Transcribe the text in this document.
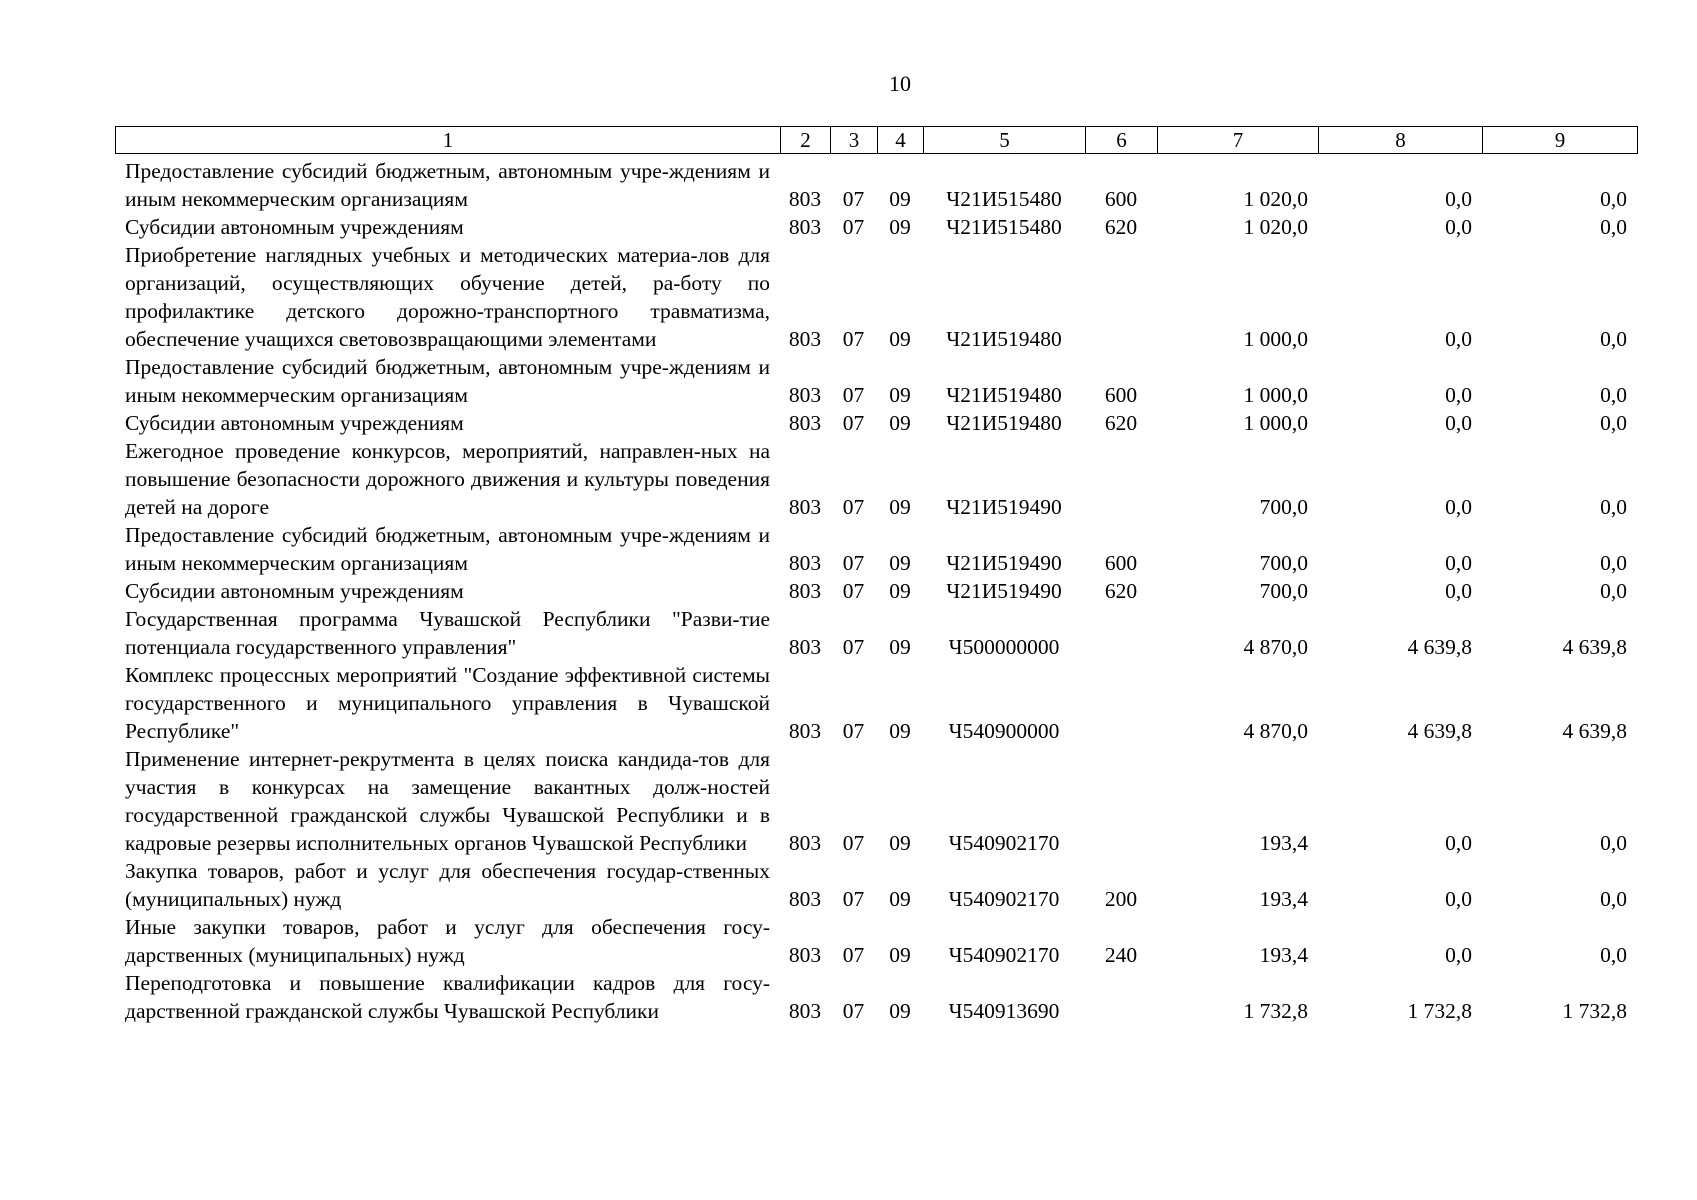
10
1	2	3	4	5	6	7	8	9
Предоставление субсидий бюджетным, автономным учре-ждениям и иным некоммерческим организациям	803	07	09	Ч21И515480	600	1 020,0	0,0	0,0
Субсидии автономным учреждениям	803	07	09	Ч21И515480	620	1 020,0	0,0	0,0
Приобретение наглядных учебных и методических материа-лов для организаций, осуществляющих обучение детей, ра-боту по профилактике детского дорожно-транспортного травматизма, обеспечение учащихся световозвращающими элементами	803	07	09	Ч21И519480		1 000,0	0,0	0,0
Предоставление субсидий бюджетным, автономным учре-ждениям и иным некоммерческим организациям	803	07	09	Ч21И519480	600	1 000,0	0,0	0,0
Субсидии автономным учреждениям	803	07	09	Ч21И519480	620	1 000,0	0,0	0,0
Ежегодное проведение конкурсов, мероприятий, направлен-ных на повышение безопасности дорожного движения и культуры поведения детей на дороге	803	07	09	Ч21И519490		700,0	0,0	0,0
Предоставление субсидий бюджетным, автономным учре-ждениям и иным некоммерческим организациям	803	07	09	Ч21И519490	600	700,0	0,0	0,0
Субсидии автономным учреждениям	803	07	09	Ч21И519490	620	700,0	0,0	0,0
Государственная программа Чувашской Республики "Разви-тие потенциала государственного управления"	803	07	09	Ч500000000		4 870,0	4 639,8	4 639,8
Комплекс процессных мероприятий "Создание эффективной системы государственного и муниципального управления в Чувашской Республике"	803	07	09	Ч540900000		4 870,0	4 639,8	4 639,8
Применение интернет-рекрутмента в целях поиска кандида-тов для участия в конкурсах на замещение вакантных долж-ностей государственной гражданской службы Чувашской Республики и в кадровые резервы исполнительных органов Чувашской Республики	803	07	09	Ч540902170		193,4	0,0	0,0
Закупка товаров, работ и услуг для обеспечения государ-ственных (муниципальных) нужд	803	07	09	Ч540902170	200	193,4	0,0	0,0
Иные закупки товаров, работ и услуг для обеспечения госу-дарственных (муниципальных) нужд	803	07	09	Ч540902170	240	193,4	0,0	0,0
Переподготовка и повышение квалификации кадров для госу-дарственной гражданской службы Чувашской Республики	803	07	09	Ч540913690		1 732,8	1 732,8	1 732,8
